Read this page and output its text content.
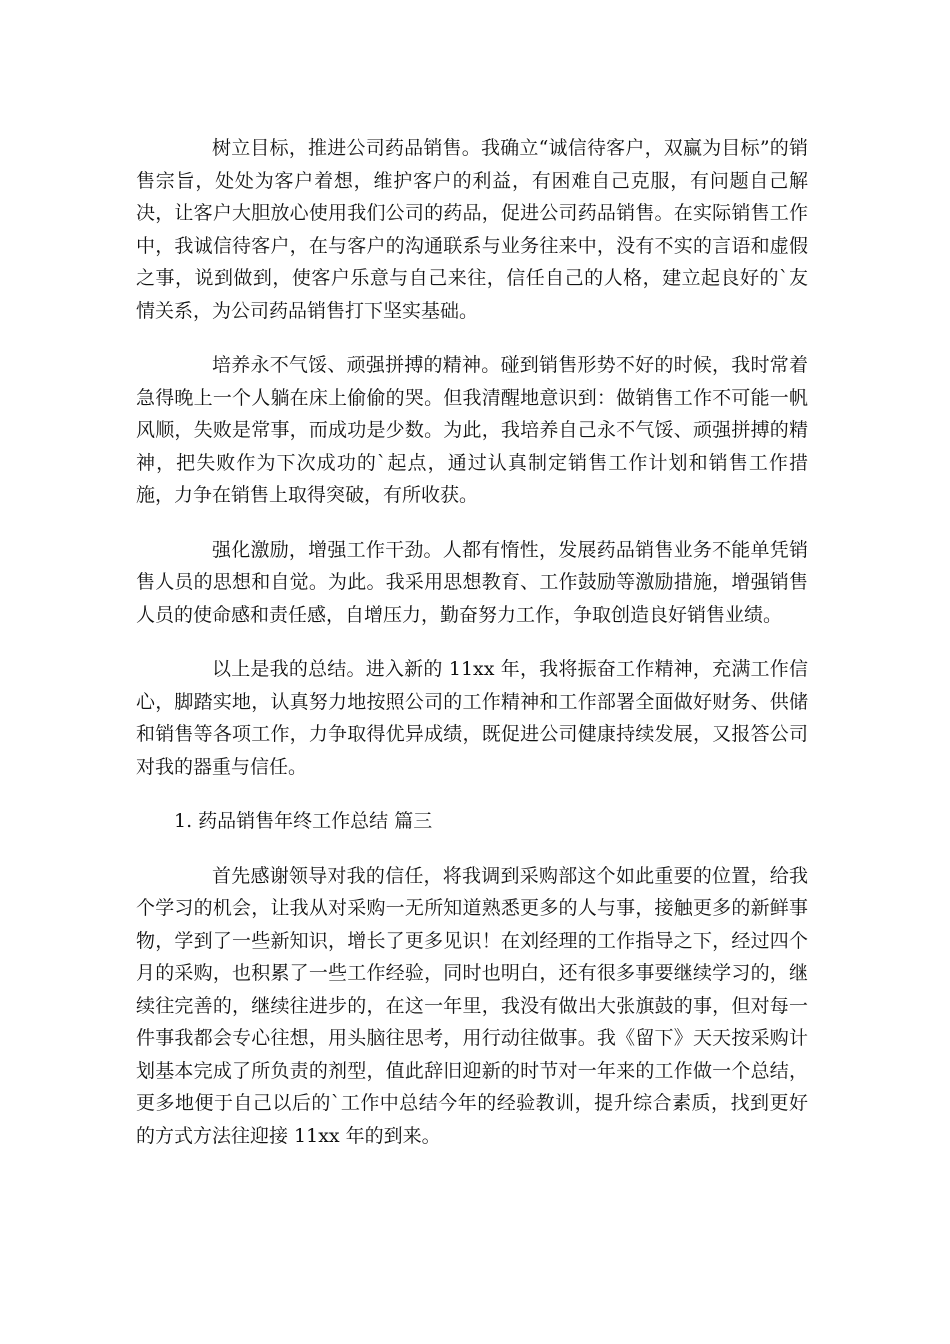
树立目标，推进公司药品销售。我确立“诚信待客户，双赢为目标”的销售宗旨，处处为客户着想，维护客户的利益，有困难自己克服，有问题自己解决，让客户大胆放心使用我们公司的药品，促进公司药品销售。在实际销售工作中，我诚信待客户，在与客户的沟通联系与业务往来中，没有不实的言语和虚假之事，说到做到，使客户乐意与自己来往，信任自己的人格，建立起良好的`友情关系，为公司药品销售打下坚实基础。

培养永不气馁、顽强拼搏的精神。碰到销售形势不好的时候，我时常着急得晚上一个人躺在床上偷偷的哭。但我清醒地意识到：做销售工作不可能一帆风顺，失败是常事，而成功是少数。为此，我培养自己永不气馁、顽强拼搏的精神，把失败作为下次成功的`起点，通过认真制定销售工作计划和销售工作措施，力争在销售上取得突破，有所收获。

强化激励，增强工作干劲。人都有惰性，发展药品销售业务不能单凭销售人员的思想和自觉。为此。我采用思想教育、工作鼓励等激励措施，增强销售人员的使命感和责任感，自增压力，勤奋努力工作，争取创造良好销售业绩。

以上是我的总结。进入新的 11xx 年，我将振奋工作精神，充满工作信心，脚踏实地，认真努力地按照公司的工作精神和工作部署全面做好财务、供储和销售等各项工作，力争取得优异成绩，既促进公司健康持续发展，又报答公司对我的器重与信任。

1. 药品销售年终工作总结 篇三

首先感谢领导对我的信任，将我调到采购部这个如此重要的位置，给我个学习的机会，让我从对采购一无所知道熟悉更多的人与事，接触更多的新鲜事物，学到了一些新知识，增长了更多见识！在刘经理的工作指导之下，经过四个月的采购，也积累了一些工作经验，同时也明白，还有很多事要继续学习的，继续往完善的，继续往进步的，在这一年里，我没有做出大张旗鼓的事，但对每一件事我都会专心往想，用头脑往思考，用行动往做事。我《留下》天天按采购计划基本完成了所负责的剂型，值此辞旧迎新的时节对一年来的工作做一个总结，更多地便于自己以后的`工作中总结今年的经验教训，提升综合素质，找到更好的方式方法往迎接 11xx 年的到来。
